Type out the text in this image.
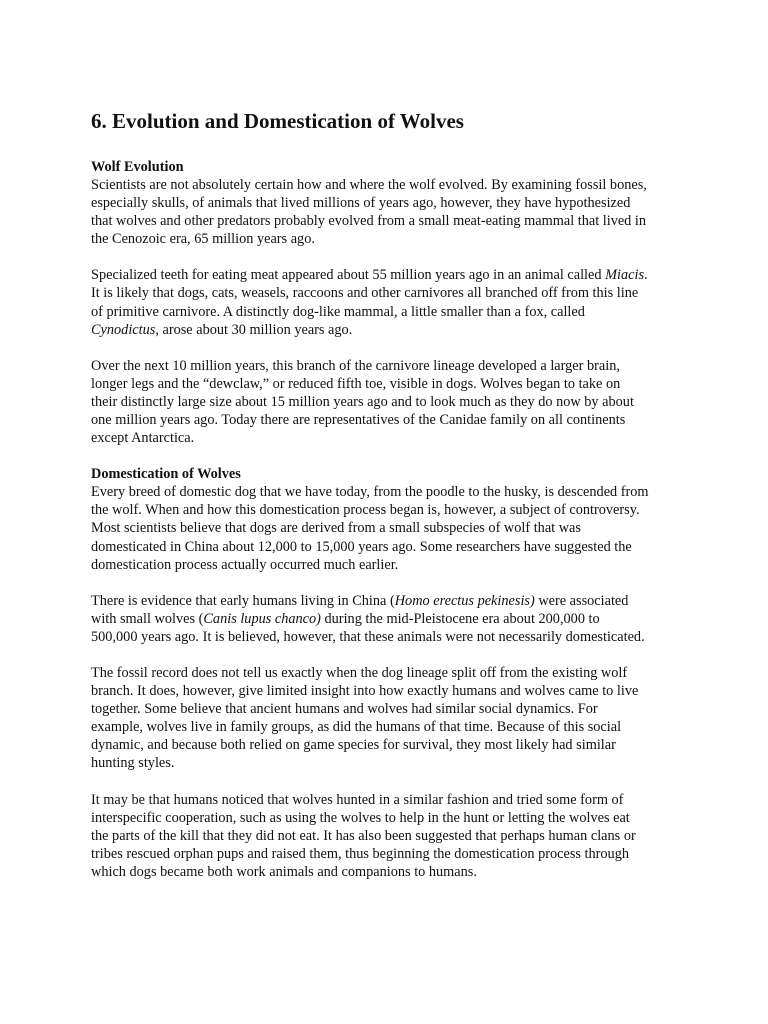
6. Evolution and Domestication of Wolves
Wolf Evolution

Scientists are not absolutely certain how and where the wolf evolved. By examining fossil bones,
especially skulls, of animals that lived millions of years ago, however, they have hypothesized
that wolves and other predators probably evolved from a small meat-eating mammal that lived in
the Cenozoic era, 65 million years ago.

Specialized teeth for eating meat appeared about 55 million years ago in an animal called Miacis.
It is likely that dogs, cats, weasels, raccoons and other carnivores all branched off from this line
of primitive carnivore. A distinctly dog-like mammal, a little smaller than a fox, called
Cynodictus, arose about 30 million years ago.

Over the next 10 million years, this branch of the carnivore lineage developed a larger brain,
longer legs and the “dewclaw,” or reduced fifth toe, visible in dogs. Wolves began to take on
their distinctly large size about 15 million years ago and to look much as they do now by about
one million years ago. Today there are representatives of the Canidae family on all continents
except Antarctica.

Domestication of Wolves

Every breed of domestic dog that we have today, from the poodle to the husky, is descended from
the wolf. When and how this domestication process began is, however, a subject of controversy.
Most scientists believe that dogs are derived from a small subspecies of wolf that was
domesticated in China about 12,000 to 15,000 years ago. Some researchers have suggested the
domestication process actually occurred much earlier.

There is evidence that early humans living in China (Homo erectus pekinesis) were associated
with small wolves (Canis lupus chanco) during the mid-Pleistocene era about 200,000 to
500,000 years ago. It is believed, however, that these animals were not necessarily domesticated.

The fossil record does not tell us exactly when the dog lineage split off from the existing wolf
branch. It does, however, give limited insight into how exactly humans and wolves came to live
together. Some believe that ancient humans and wolves had similar social dynamics. For
example, wolves live in family groups, as did the humans of that time. Because of this social
dynamic, and because both relied on game species for survival, they most likely had similar
hunting styles.

It may be that humans noticed that wolves hunted in a similar fashion and tried some form of
interspecific cooperation, such as using the wolves to help in the hunt or letting the wolves eat
the parts of the kill that they did not eat. It has also been suggested that perhaps human clans or
tribes rescued orphan pups and raised them, thus beginning the domestication process through
which dogs became both work animals and companions to humans.
